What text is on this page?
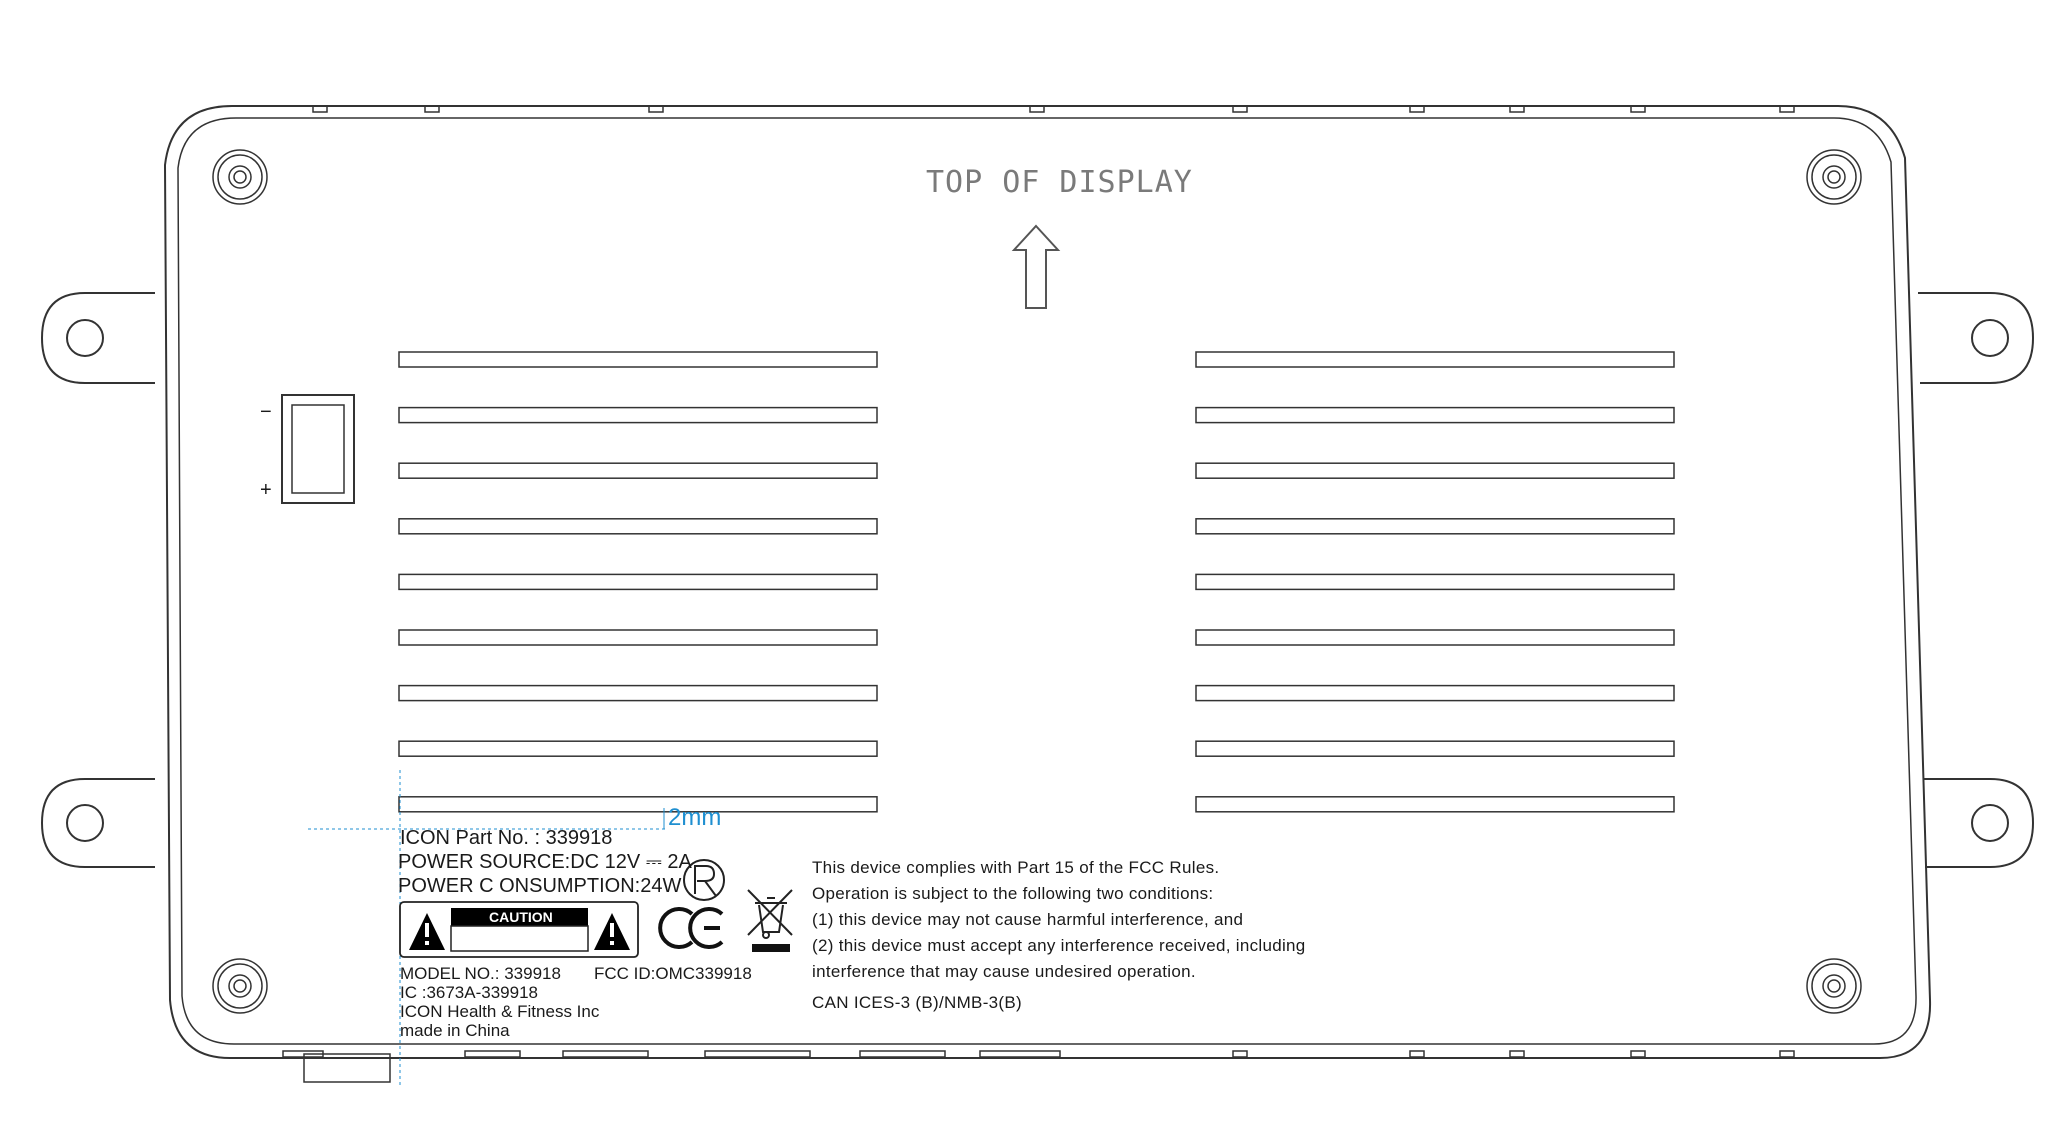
TOP OF DISPLAY
2mm
−
+
ICON Part No. : 339918
POWER SOURCE:DC 12V ⎓ 2A
POWER C ONSUMPTION:24W
CAUTION
MODEL NO.: 339918 FCC ID:OMC339918
IC :3673A-339918
ICON Health & Fitness Inc
made in China
This device complies with Part 15 of the FCC Rules.
Operation is subject to the following two conditions:
(1) this device may not cause harmful interference, and
(2) this device must accept any interference received, including
interference that may cause undesired operation.
CAN ICES-3 (B)/NMB-3(B)
